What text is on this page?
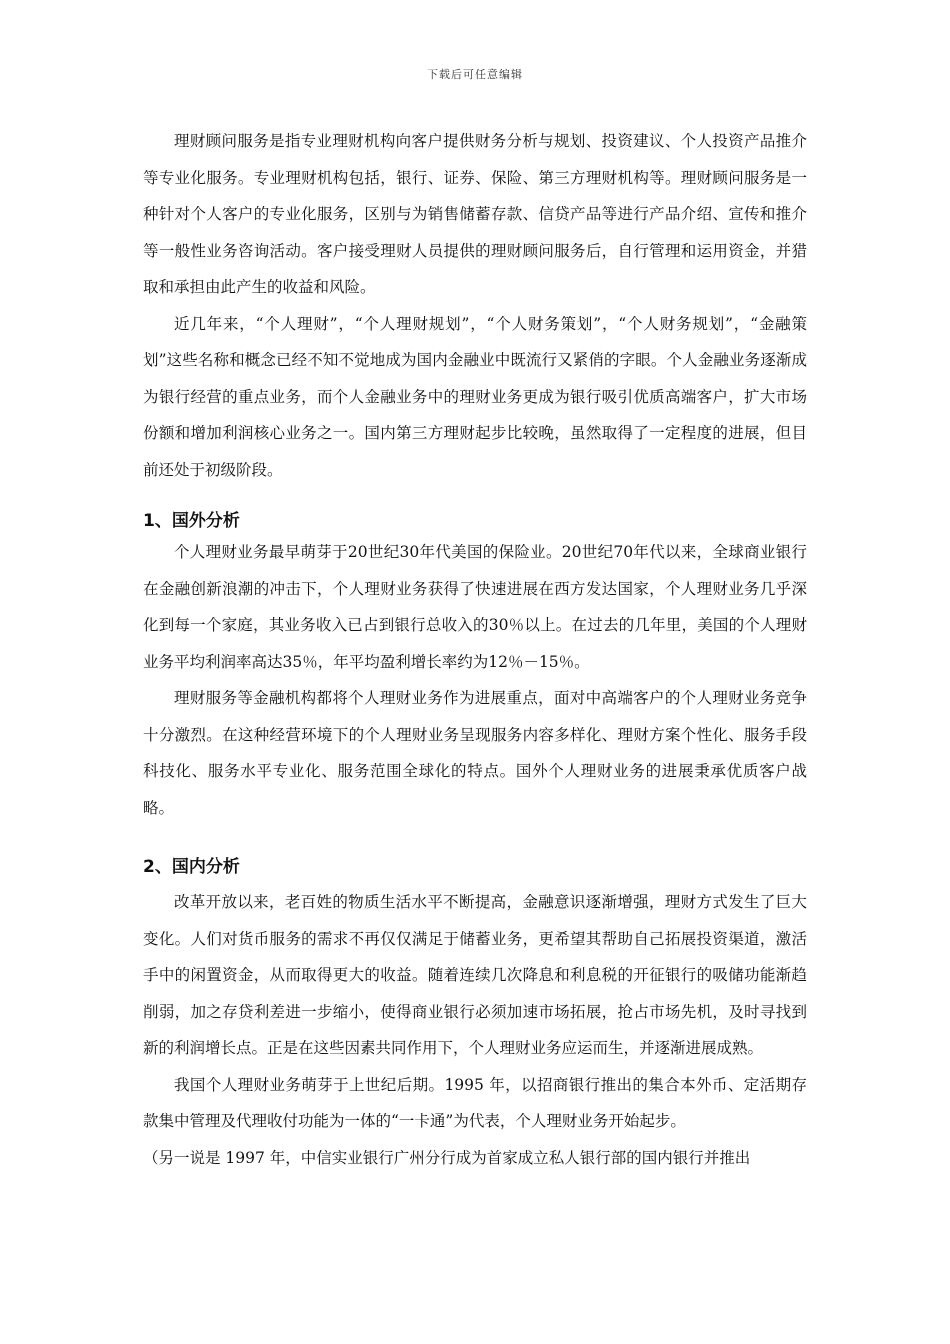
下载后可任意编辑

理财顾问服务是指专业理财机构向客户提供财务分析与规划、投资建议、个人投资产品推介等专业化服务。专业理财机构包括，银行、证券、保险、第三方理财机构等。理财顾问服务是一种针对个人客户的专业化服务，区别与为销售储蓄存款、信贷产品等进行产品介绍、宣传和推介等一般性业务咨询活动。客户接受理财人员提供的理财顾问服务后，自行管理和运用资金，并猎取和承担由此产生的收益和风险。

近几年来，“个人理财”，“个人理财规划”，“个人财务策划”，“个人财务规划”，“金融策划”这些名称和概念已经不知不觉地成为国内金融业中既流行又紧俏的字眼。个人金融业务逐渐成为银行经营的重点业务，而个人金融业务中的理财业务更成为银行吸引优质高端客户，扩大市场份额和增加利润核心业务之一。国内第三方理财起步比较晚，虽然取得了一定程度的进展，但目前还处于初级阶段。

1、国外分析

个人理财业务最早萌芽于20世纪30年代美国的保险业。20世纪70年代以来，全球商业银行在金融创新浪潮的冲击下，个人理财业务获得了快速进展在西方发达国家，个人理财业务几乎深化到每一个家庭，其业务收入已占到银行总收入的30％以上。在过去的几年里，美国的个人理财业务平均利润率高达35％，年平均盈利增长率约为12％－15％。

理财服务等金融机构都将个人理财业务作为进展重点，面对中高端客户的个人理财业务竞争十分激烈。在这种经营环境下的个人理财业务呈现服务内容多样化、理财方案个性化、服务手段科技化、服务水平专业化、服务范围全球化的特点。国外个人理财业务的进展秉承优质客户战略。

2、国内分析

改革开放以来，老百姓的物质生活水平不断提高，金融意识逐渐增强，理财方式发生了巨大变化。人们对货币服务的需求不再仅仅满足于储蓄业务，更希望其帮助自己拓展投资渠道，激活手中的闲置资金，从而取得更大的收益。随着连续几次降息和利息税的开征银行的吸储功能渐趋削弱，加之存贷利差进一步缩小，使得商业银行必须加速市场拓展，抢占市场先机，及时寻找到新的利润增长点。正是在这些因素共同作用下，个人理财业务应运而生，并逐渐进展成熟。

我国个人理财业务萌芽于上世纪后期。1995 年，以招商银行推出的集合本外币、定活期存款集中管理及代理收付功能为一体的“一卡通”为代表，个人理财业务开始起步。

（另一说是 1997 年，中信实业银行广州分行成为首家成立私人银行部的国内银行并推出
